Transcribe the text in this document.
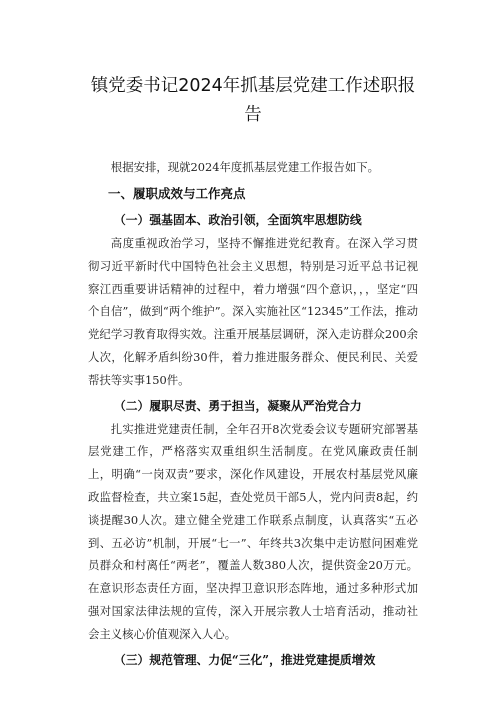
镇党委书记2024年抓基层党建工作述职报
告

根据安排，现就2024年度抓基层党建工作报告如下。

一、履职成效与工作亮点
（一）强基固本、政治引领，全面筑牢思想防线

高度重视政治学习，坚持不懈推进党纪教育。在深入学习贯彻习近平新时代中国特色社会主义思想，特别是习近平总书记视察江西重要讲话精神的过程中，着力增强“四个意识，，，坚定“四个自信”，做到“两个维护”。深入实施社区“12345”工作法，推动党纪学习教育取得实效。注重开展基层调研，深入走访群众200余人次，化解矛盾纠纷30件，着力推进服务群众、便民利民、关爱帮扶等实事150件。

（二）履职尽责、勇于担当，凝聚从严治党合力

扎实推进党建责任制，全年召开8次党委会议专题研究部署基层党建工作，严格落实双重组织生活制度。在党风廉政责任制上，明确“一岗双责”要求，深化作风建设，开展农村基层党风廉政监督检查，共立案15起，查处党员干部5人，党内问责8起，约谈提醒30人次。建立健全党建工作联系点制度，认真落实“五必到、五必访”机制，开展“七一”、年终共3次集中走访慰问困难党员群众和村离任“两老”，覆盖人数380人次，提供资金20万元。在意识形态责任方面，坚决捍卫意识形态阵地，通过多种形式加强对国家法律法规的宣传，深入开展宗教人士培育活动，推动社会主义核心价值观深入人心。

（三）规范管理、力促“三化”，推进党建提质增效
